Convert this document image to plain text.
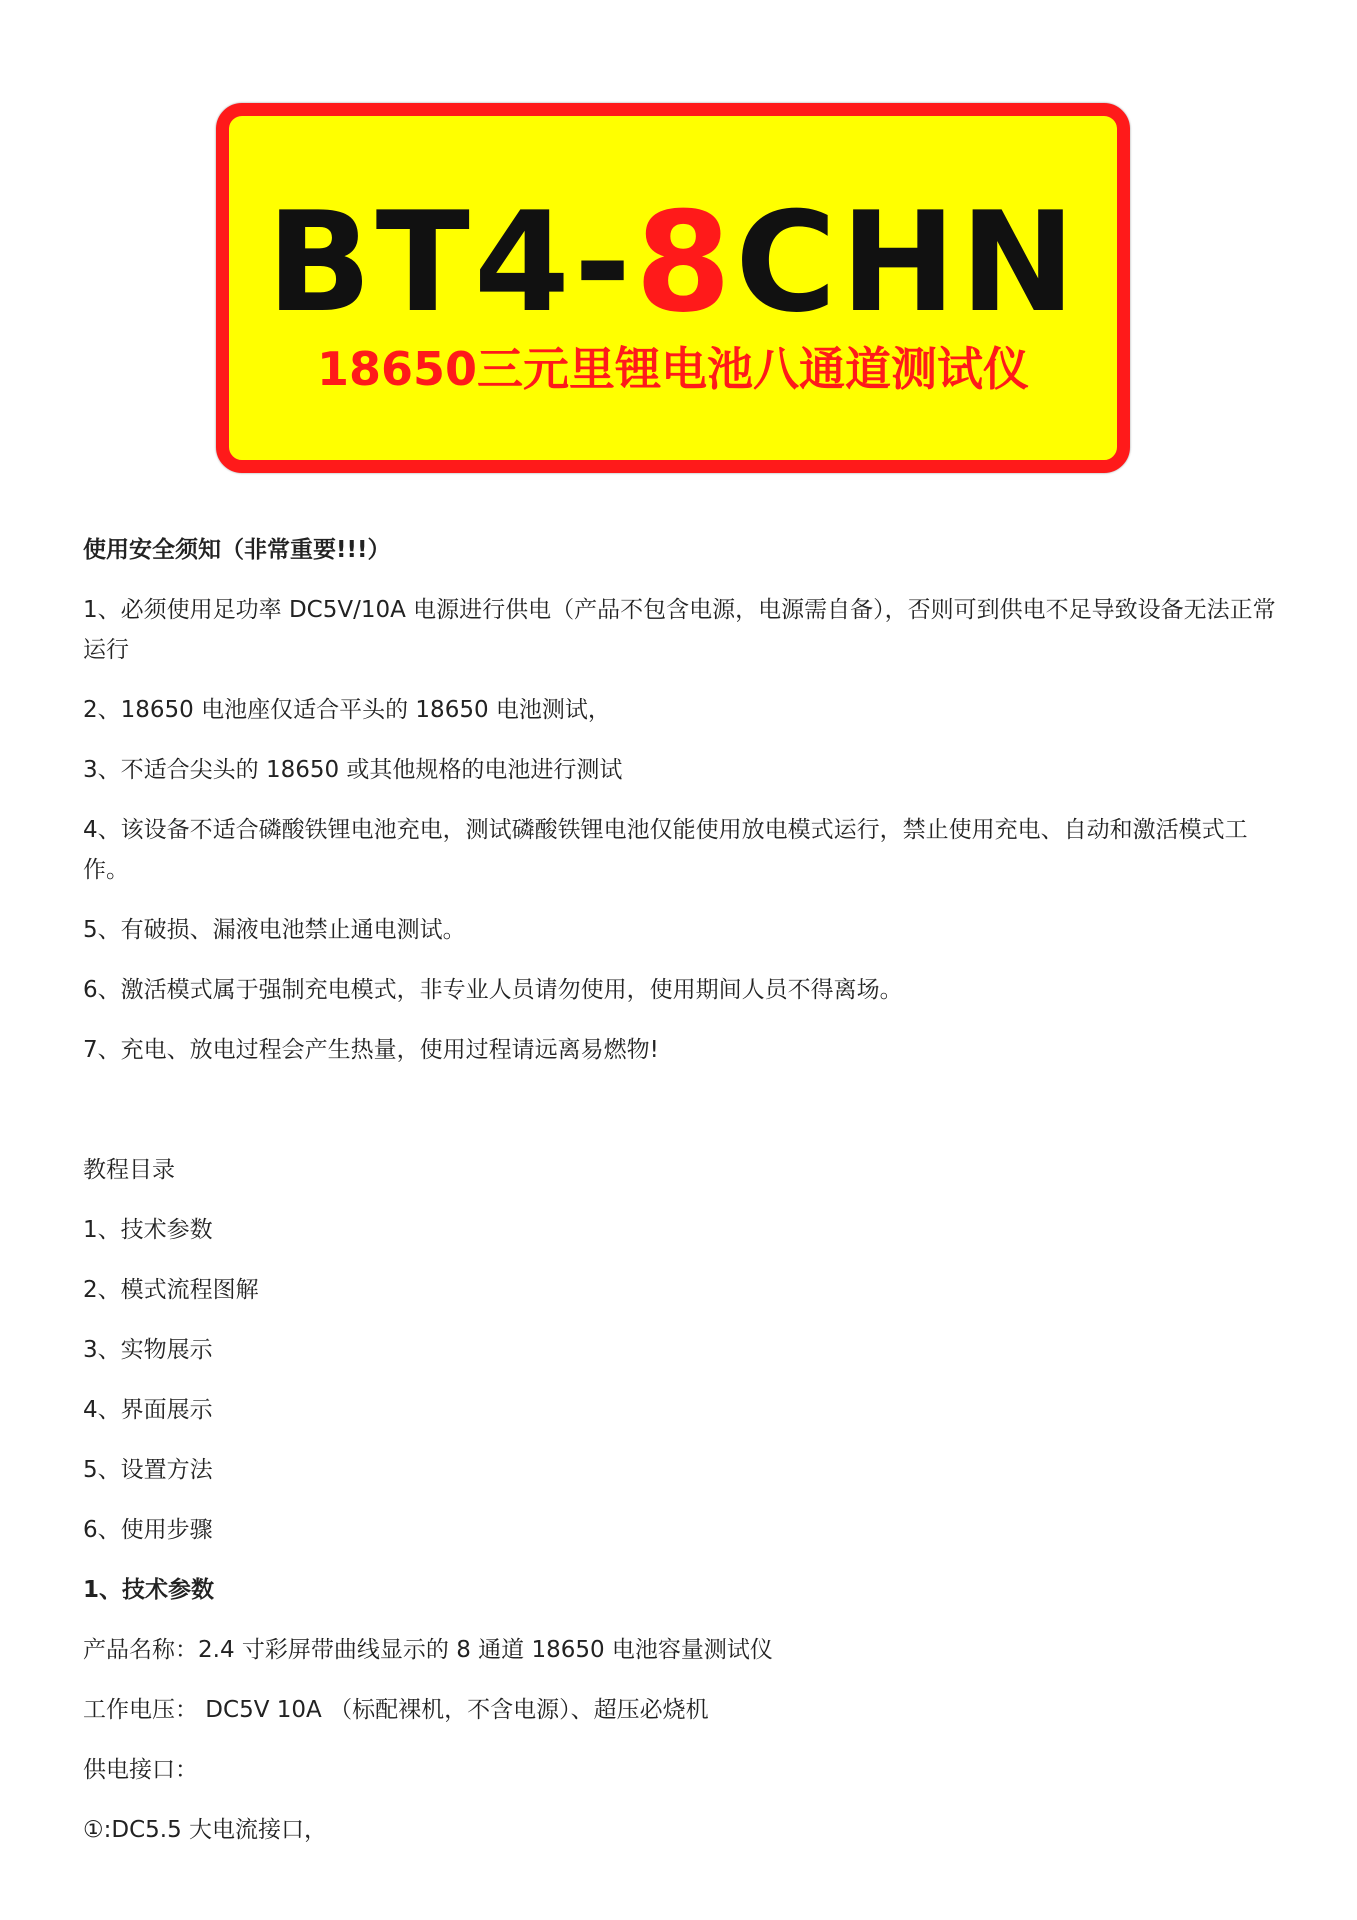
BT4-8CHN
18650三元里锂电池八通道测试仪

使用安全须知（非常重要!!!）

1、必须使用足功率 DC5V/10A 电源进行供电（产品不包含电源，电源需自备），否则可到供电不足导致设备无法正常运行

2、18650 电池座仅适合平头的 18650 电池测试，

3、不适合尖头的 18650 或其他规格的电池进行测试

4、该设备不适合磷酸铁锂电池充电，测试磷酸铁锂电池仅能使用放电模式运行，禁止使用充电、自动和激活模式工作。

5、有破损、漏液电池禁止通电测试。

6、激活模式属于强制充电模式，非专业人员请勿使用，使用期间人员不得离场。

7、充电、放电过程会产生热量，使用过程请远离易燃物!

教程目录

1、技术参数

2、模式流程图解

3、实物展示

4、界面展示

5、设置方法

6、使用步骤

1、技术参数

产品名称：2.4 寸彩屏带曲线显示的 8 通道 18650 电池容量测试仪

工作电压： DC5V 10A （标配裸机，不含电源）、超压必烧机

供电接口：

①:DC5.5 大电流接口，
